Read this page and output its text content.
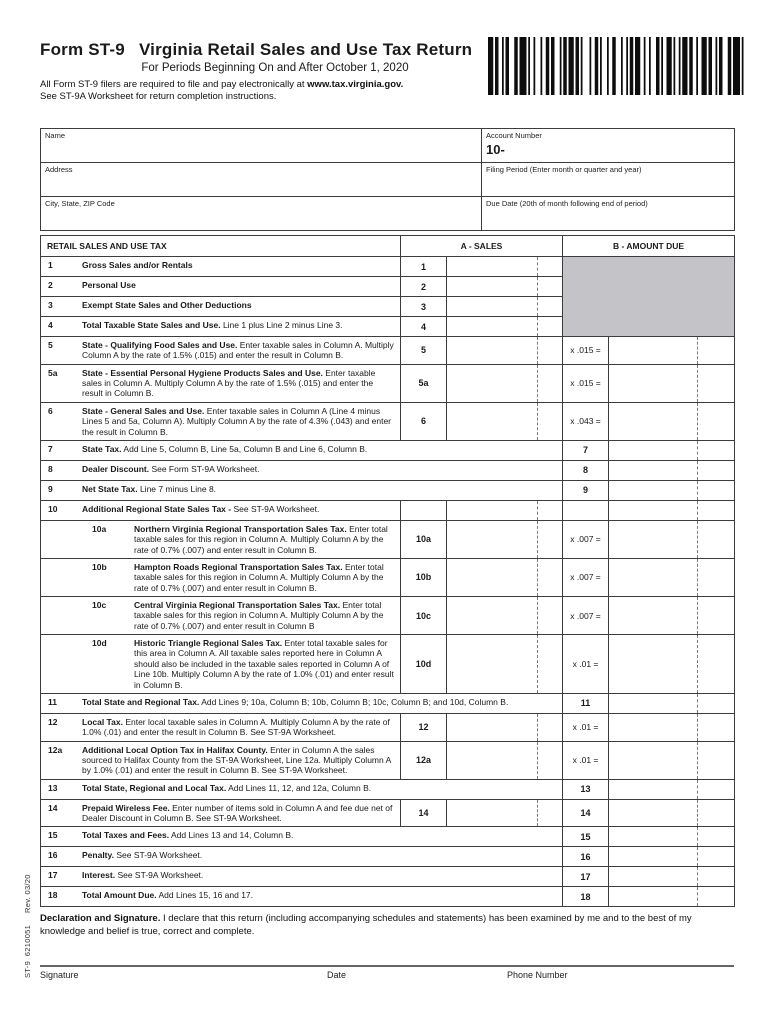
ST-9  6210051     Rev. 03/20
Form ST-9 Virginia Retail Sales and Use Tax Return
For Periods Beginning On and After October 1, 2020
All Form ST-9 filers are required to file and pay electronically at www.tax.virginia.gov.
See ST-9A Worksheet for return completion instructions.
Name	Account Number
10-

Address	Filing Period (Enter month or quarter and year)

City, State, ZIP Code	Due Date (20th of month following end of period)
RETAIL SALES AND USE TAX	A - SALES			B - AMOUNT DUE		

1 Gross Sales and/or Rentals	1					

2 Personal Use	2					

3 Exempt State Sales and Other Deductions	3					

4 Total Taxable State Sales and Use. Line 1 plus Line 2 minus Line 3.	4					

5 State - Qualifying Food Sales and Use. Enter taxable sales in Column A. Multiply Column A by the rate of 1.5% (.015) and enter the result in Column B.	5			x .015 =		

5a State - Essential Personal Hygiene Products Sales and Use. Enter taxable sales in Column A. Multiply Column A by the rate of 1.5% (.015) and enter the result in Column B.	5a			x .015 =		

6 State - General Sales and Use. Enter taxable sales in Column A (Line 4 minus Lines 5 and 5a, Column A). Multiply Column A by the rate of 4.3% (.043) and enter the result in Column B.	6			x .043 =		

7 State Tax. Add Line 5, Column B, Line 5a, Column B and Line 6, Column B.				7		

8 Dealer Discount. See Form ST-9A Worksheet.				8		

9 Net State Tax. Line 7 minus Line 8.				9		

10 Additional Regional State Sales Tax - See ST-9A Worksheet.						

10a Northern Virginia Regional Transportation Sales Tax. Enter total taxable sales for this region in Column A. Multiply Column A by the rate of 0.7% (.007) and enter result in Column B.	10a			x .007 =		

10b Hampton Roads Regional Transportation Sales Tax. Enter total taxable sales for this region in Column A. Multiply Column A by the rate of 0.7% (.007) and enter result in Column B.	10b			x .007 =		

10c Central Virginia Regional Transportation Sales Tax. Enter total taxable sales for this region in Column A. Multiply Column A by the rate of 0.7% (.007) and enter result in Column B	10c			x .007 =		

10d Historic Triangle Regional Sales Tax. Enter total taxable sales for this area in Column A. All taxable sales reported here in Column A should also be included in the taxable sales reported in Column A of Line 10b. Multiply Column A by the rate of 1.0% (.01) and enter result in Column B.	10d			x .01 =		

11 Total State and Regional Tax. Add Lines 9; 10a, Column B; 10b, Column B; 10c, Column B; and 10d, Column B.				11		

12 Local Tax. Enter local taxable sales in Column A. Multiply Column A by the rate of 1.0% (.01) and enter the result in Column B. See ST-9A Worksheet.	12			x .01 =		

12a Additional Local Option Tax in Halifax County. Enter in Column A the sales sourced to Halifax County from the ST-9A Worksheet, Line 12a. Multiply Column A by 1.0% (.01) and enter the result in Column B. See ST-9A Worksheet.	12a			x .01 =		

13 Total State, Regional and Local Tax. Add Lines 11, 12, and 12a, Column B.				13		

14 Prepaid Wireless Fee. Enter number of items sold in Column A and fee due net of Dealer Discount in Column B. See ST-9A Worksheet.	14			14		

15 Total Taxes and Fees. Add Lines 13 and 14, Column B.				15		

16 Penalty. See ST-9A Worksheet.				16		

17 Interest. See ST-9A Worksheet.				17		

18 Total Amount Due. Add Lines 15, 16 and 17.				18		
Declaration and Signature. I declare that this return (including accompanying schedules and statements) has been examined by me and to the best of my knowledge and belief is true, correct and complete.
Signature	Date	Phone Number
